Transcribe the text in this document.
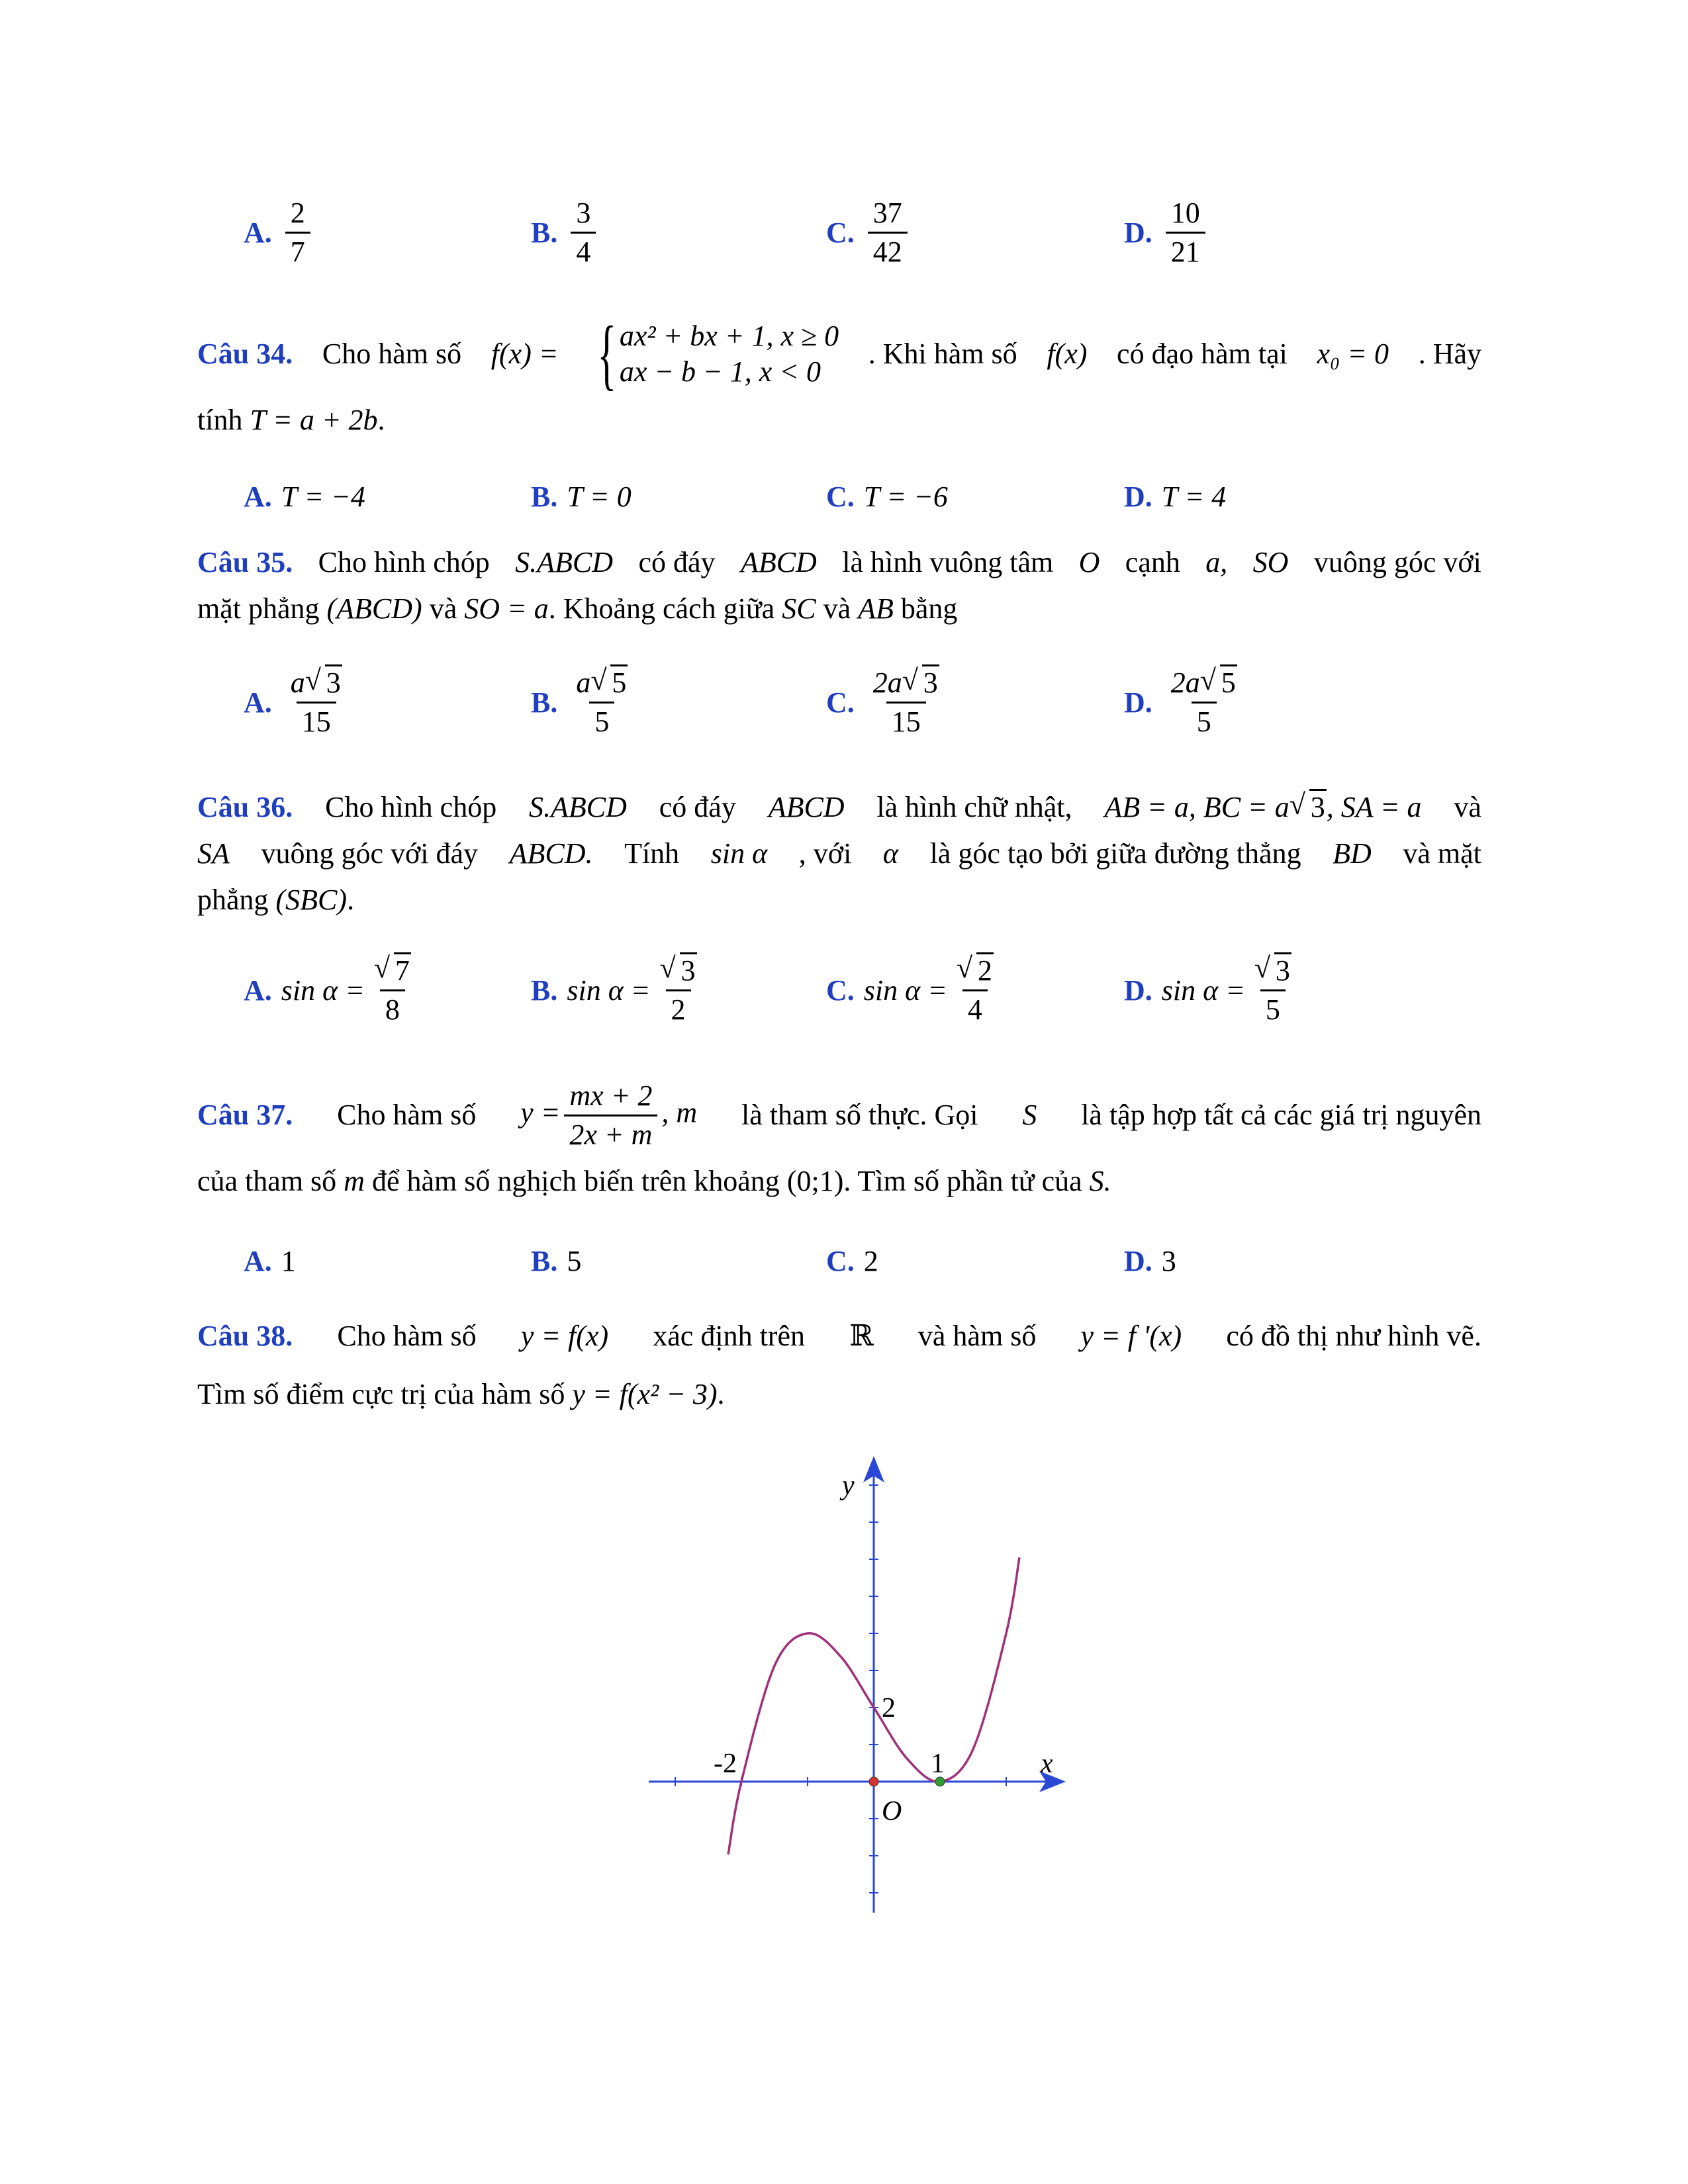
A. $\frac{2}{7}$	B. $\frac{3}{4}$	C. $\frac{37}{42}$	D. $\frac{10}{21}$
Câu 34. Cho hàm số f(x) = { ax² + bx + 1, x ≥ 0
ax − b − 1, x < 0
. Khi hàm số f(x) có đạo hàm tại x₀ = 0 . Hãy
tính T = a + 2b.
A. T = −4	B. T = 0	C. T = −6	D. T = 4
Câu 35. Cho hình chóp S.ABCD có đáy ABCD là hình vuông tâm O cạnh a, SO vuông góc với
mặt phẳng (ABCD) và SO = a. Khoảng cách giữa SC và AB bằng
A. $\frac{a √ 3}{15}$	B. $\frac{a √ 5}{5}$	C. $\frac{2a √ 3}{15}$	D. $\frac{2a √ 5}{5}$
Câu 36. Cho hình chóp S.ABCD có đáy ABCD là hình chữ nhật, AB = a, BC = a √ 3, SA = a và
SA vuông góc với đáy ABCD. Tính sin α , với α là góc tạo bởi giữa đường thẳng BD và mặt
phẳng (SBC).
A. sin α = √ $\frac{7}{8}$	B. sin α = √ $\frac{3}{2}$	C. sin α = √ $\frac{2}{4}$	D. sin α = √ $\frac{3}{5}$
Câu 37. Cho hàm số $y = \frac{mx + 2}{2x + m}$ , m là tham số thực. Gọi S là tập hợp tất cả các giá trị nguyên
của tham số m để hàm số nghịch biến trên khoảng (0;1). Tìm số phần tử của S.
A. 1	B. 5	C. 2	D. 3
Câu 38. Cho hàm số y = f(x) xác định trên ℝ và hàm số y = f '(x) có đồ thị như hình vẽ.
Tìm số điểm cực trị của hàm số y = f(x² − 3).
x
y
O
-2	1
2
